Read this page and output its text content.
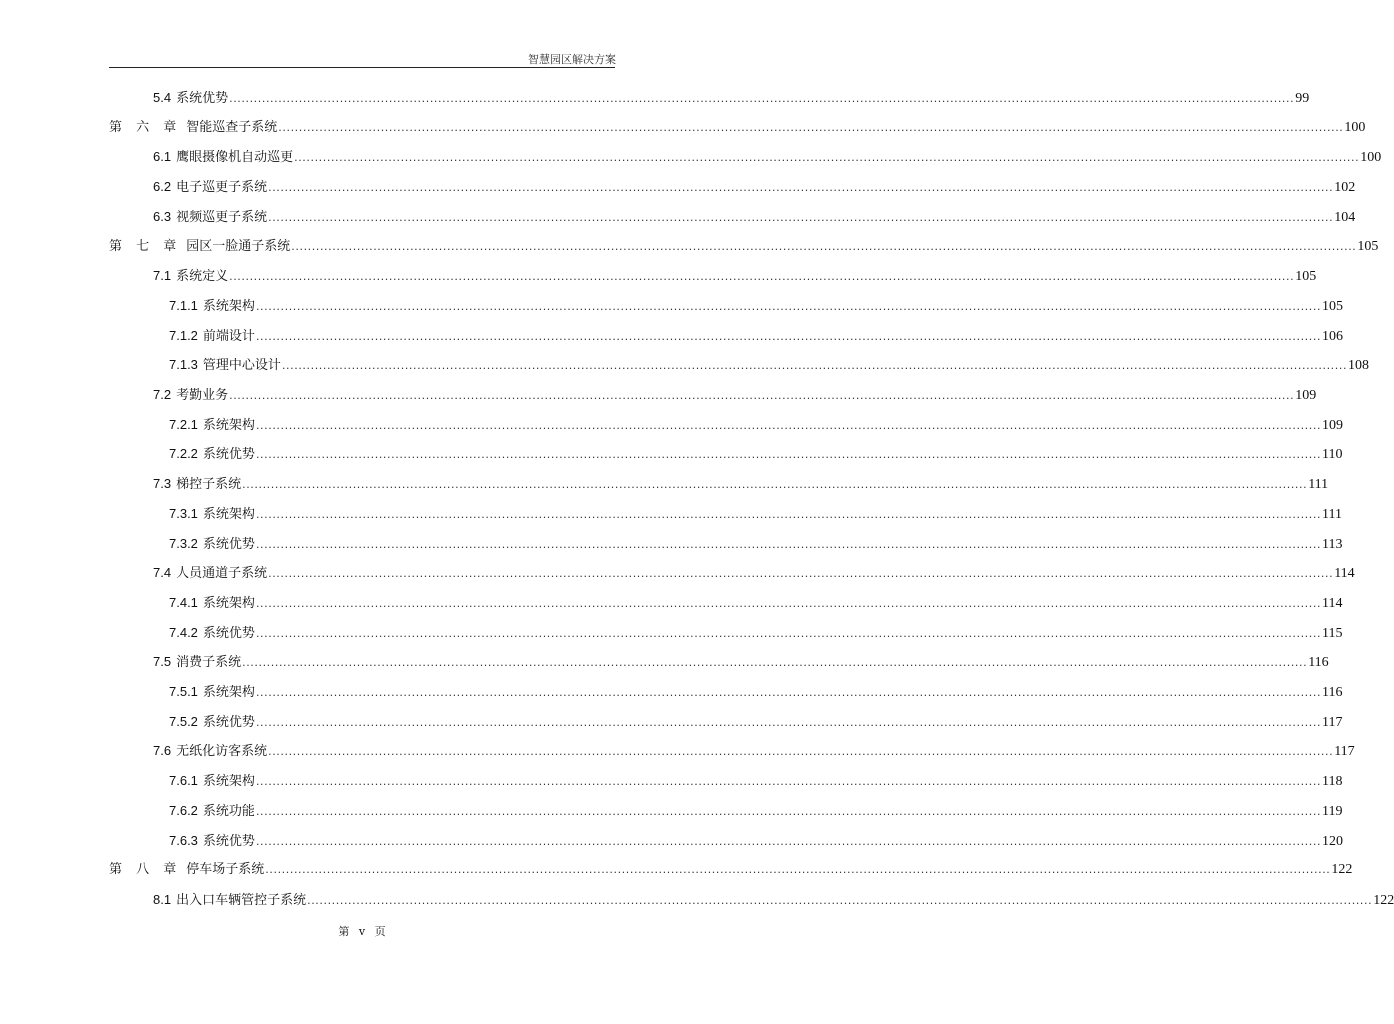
智慧园区解决方案
5.4 系统优势 .................................................................................................................................................................................................................................................................... 99
第 六 章 智能巡查子系统 .................................................................................................................................................................................................................................................................... 100
6.1 鹰眼摄像机自动巡更 .................................................................................................................................................................................................................................................................... 100
6.2 电子巡更子系统 .................................................................................................................................................................................................................................................................... 102
6.3 视频巡更子系统 .................................................................................................................................................................................................................................................................... 104
第 七 章 园区一脸通子系统 .................................................................................................................................................................................................................................................................... 105
7.1 系统定义 .................................................................................................................................................................................................................................................................... 105
7.1.1 系统架构 .................................................................................................................................................................................................................................................................... 105
7.1.2 前端设计 .................................................................................................................................................................................................................................................................... 106
7.1.3 管理中心设计 .................................................................................................................................................................................................................................................................... 108
7.2 考勤业务 .................................................................................................................................................................................................................................................................... 109
7.2.1 系统架构 .................................................................................................................................................................................................................................................................... 109
7.2.2 系统优势 .................................................................................................................................................................................................................................................................... 110
7.3 梯控子系统 .................................................................................................................................................................................................................................................................... 111
7.3.1 系统架构 .................................................................................................................................................................................................................................................................... 111
7.3.2 系统优势 .................................................................................................................................................................................................................................................................... 113
7.4 人员通道子系统 .................................................................................................................................................................................................................................................................... 114
7.4.1 系统架构 .................................................................................................................................................................................................................................................................... 114
7.4.2 系统优势 .................................................................................................................................................................................................................................................................... 115
7.5 消费子系统 .................................................................................................................................................................................................................................................................... 116
7.5.1 系统架构 .................................................................................................................................................................................................................................................................... 116
7.5.2 系统优势 .................................................................................................................................................................................................................................................................... 117
7.6 无纸化访客系统 .................................................................................................................................................................................................................................................................... 117
7.6.1 系统架构 .................................................................................................................................................................................................................................................................... 118
7.6.2 系统功能 .................................................................................................................................................................................................................................................................... 119
7.6.3 系统优势 .................................................................................................................................................................................................................................................................... 120
第 八 章 停车场子系统 .................................................................................................................................................................................................................................................................... 122
8.1 出入口车辆管控子系统 .................................................................................................................................................................................................................................................................... 122
第 v 页
